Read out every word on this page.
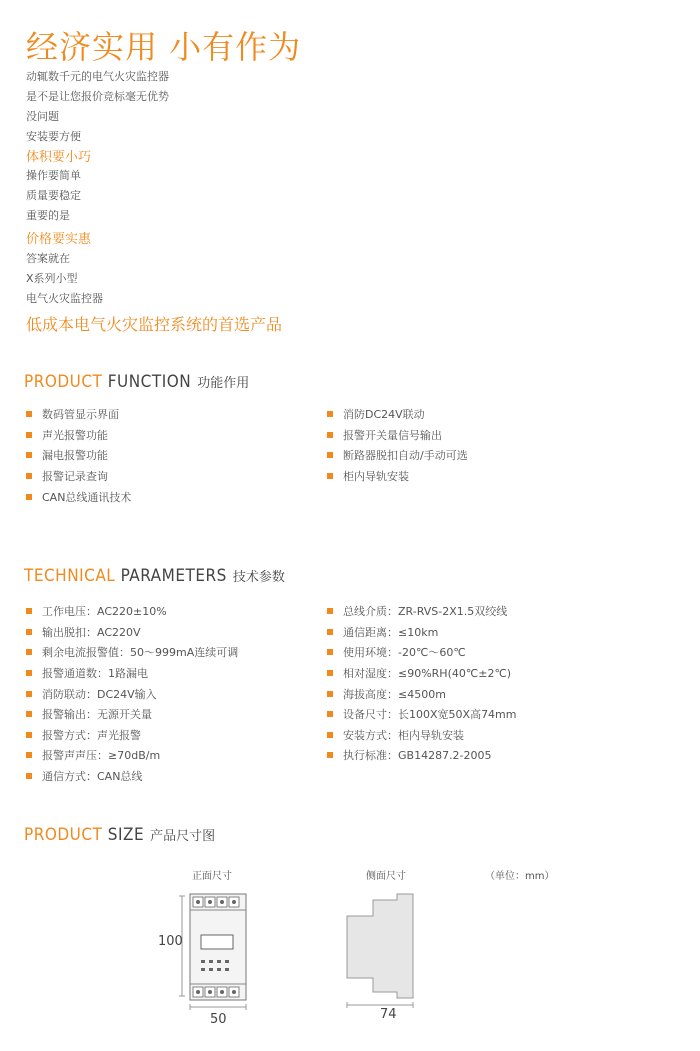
经济实用 小有作为
动辄数千元的电气火灾监控器
是不是让您报价竞标毫无优势
没问题
安装要方便
体积要小巧
操作要简单
质量要稳定
重要的是
价格要实惠
答案就在
X系列小型
电气火灾监控器
低成本电气火灾监控系统的首选产品
PRODUCT FUNCTION 功能作用
数码管显示界面
声光报警功能
漏电报警功能
报警记录查询
CAN总线通讯技术
消防DC24V联动
报警开关量信号输出
断路器脱扣自动/手动可选
柜内导轨安装
TECHNICAL PARAMETERS 技术参数
工作电压：AC220±10%
输出脱扣：AC220V
剩余电流报警值：50～999mA连续可调
报警通道数：1路漏电
消防联动：DC24V输入
报警输出：无源开关量
报警方式：声光报警
报警声声压：≥70dB/m
通信方式：CAN总线
总线介质：ZR-RVS-2X1.5双绞线
通信距离：≤10km
使用环境：-20℃～60℃
相对湿度：≤90%RH(40℃±2℃)
海拔高度：≤4500m
设备尺寸：长100X宽50X高74mm
安装方式：柜内导轨安装
执行标准：GB14287.2-2005
PRODUCT SIZE 产品尺寸图
正面尺寸	侧面尺寸	（单位：mm）
100
50	74
